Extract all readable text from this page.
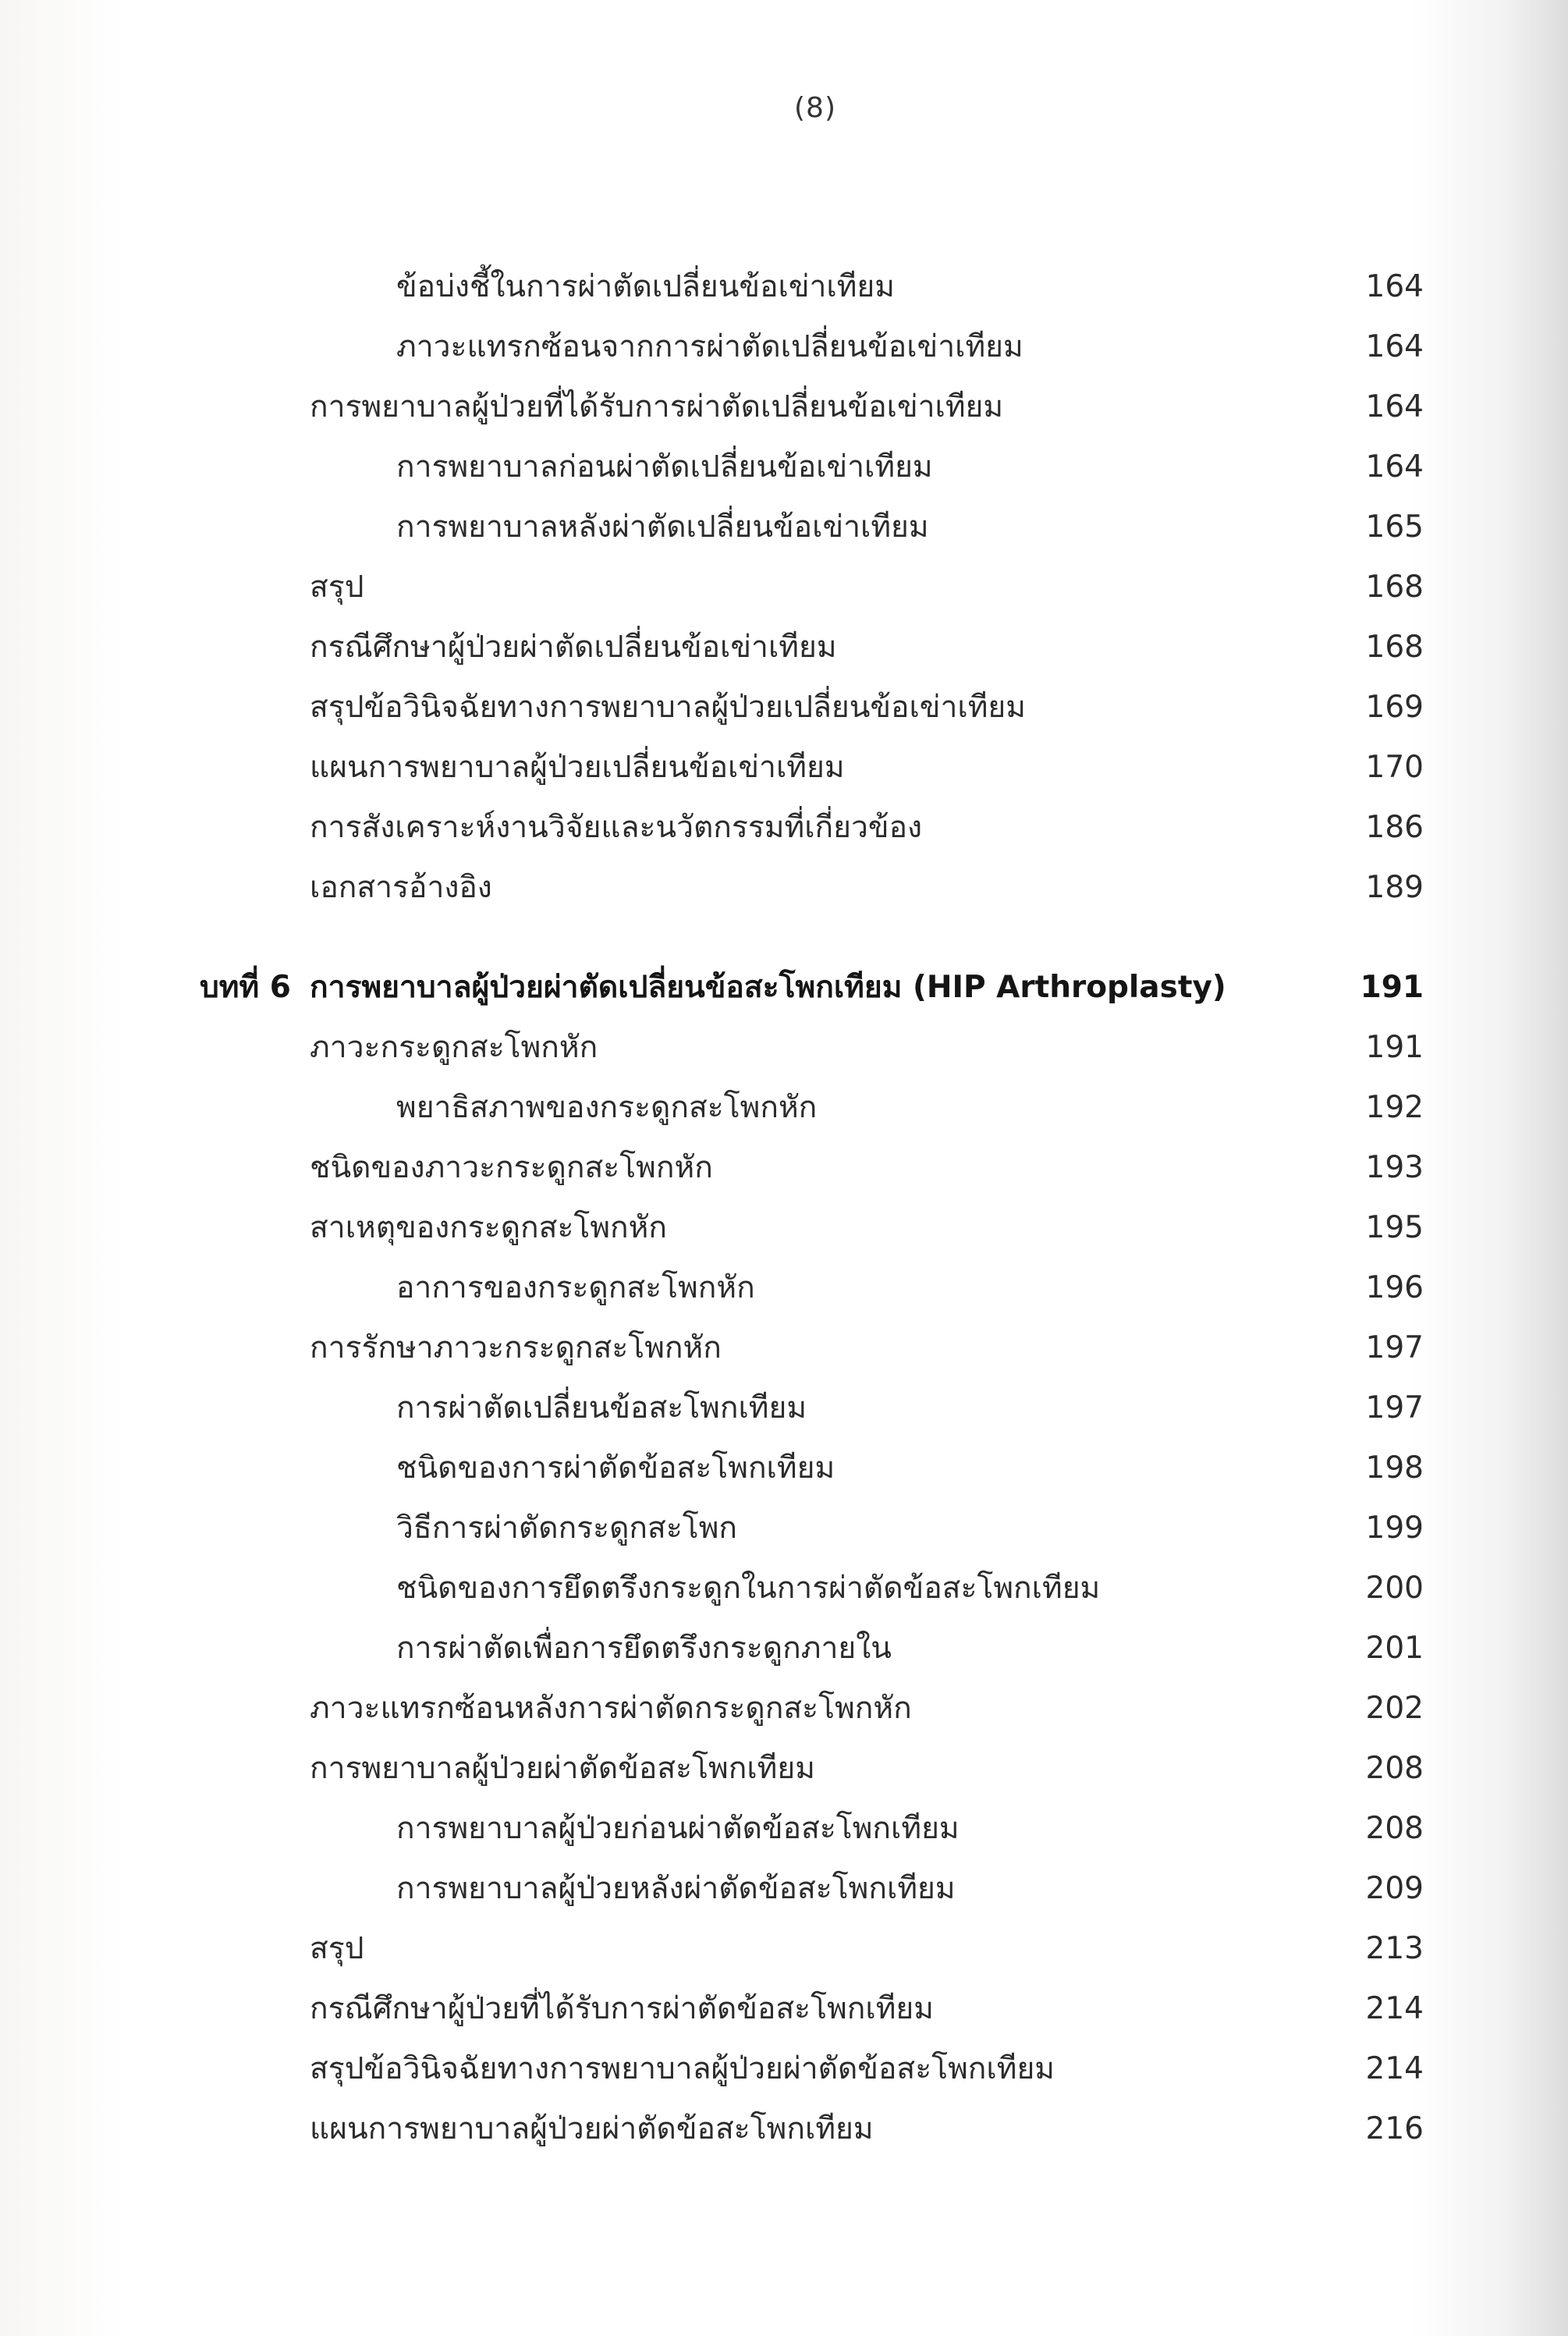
(8)
ข้อบ่งชี้ในการผ่าตัดเปลี่ยนข้อเข่าเทียม	164
ภาวะแทรกซ้อนจากการผ่าตัดเปลี่ยนข้อเข่าเทียม	164
การพยาบาลผู้ป่วยที่ได้รับการผ่าตัดเปลี่ยนข้อเข่าเทียม	164
การพยาบาลก่อนผ่าตัดเปลี่ยนข้อเข่าเทียม	164
การพยาบาลหลังผ่าตัดเปลี่ยนข้อเข่าเทียม	165
สรุป	168
กรณีศึกษาผู้ป่วยผ่าตัดเปลี่ยนข้อเข่าเทียม	168
สรุปข้อวินิจฉัยทางการพยาบาลผู้ป่วยเปลี่ยนข้อเข่าเทียม	169
แผนการพยาบาลผู้ป่วยเปลี่ยนข้อเข่าเทียม	170
การสังเคราะห์งานวิจัยและนวัตกรรมที่เกี่ยวข้อง	186
เอกสารอ้างอิง	189
บทที่ 6 การพยาบาลผู้ป่วยผ่าตัดเปลี่ยนข้อสะโพกเทียม (HIP Arthroplasty)	191
ภาวะกระดูกสะโพกหัก	191
พยาธิสภาพของกระดูกสะโพกหัก	192
ชนิดของภาวะกระดูกสะโพกหัก	193
สาเหตุของกระดูกสะโพกหัก	195
อาการของกระดูกสะโพกหัก	196
การรักษาภาวะกระดูกสะโพกหัก	197
การผ่าตัดเปลี่ยนข้อสะโพกเทียม	197
ชนิดของการผ่าตัดข้อสะโพกเทียม	198
วิธีการผ่าตัดกระดูกสะโพก	199
ชนิดของการยึดตรึงกระดูกในการผ่าตัดข้อสะโพกเทียม	200
การผ่าตัดเพื่อการยึดตรึงกระดูกภายใน	201
ภาวะแทรกซ้อนหลังการผ่าตัดกระดูกสะโพกหัก	202
การพยาบาลผู้ป่วยผ่าตัดข้อสะโพกเทียม	208
การพยาบาลผู้ป่วยก่อนผ่าตัดข้อสะโพกเทียม	208
การพยาบาลผู้ป่วยหลังผ่าตัดข้อสะโพกเทียม	209
สรุป	213
กรณีศึกษาผู้ป่วยที่ได้รับการผ่าตัดข้อสะโพกเทียม	214
สรุปข้อวินิจฉัยทางการพยาบาลผู้ป่วยผ่าตัดข้อสะโพกเทียม	214
แผนการพยาบาลผู้ป่วยผ่าตัดข้อสะโพกเทียม	216
